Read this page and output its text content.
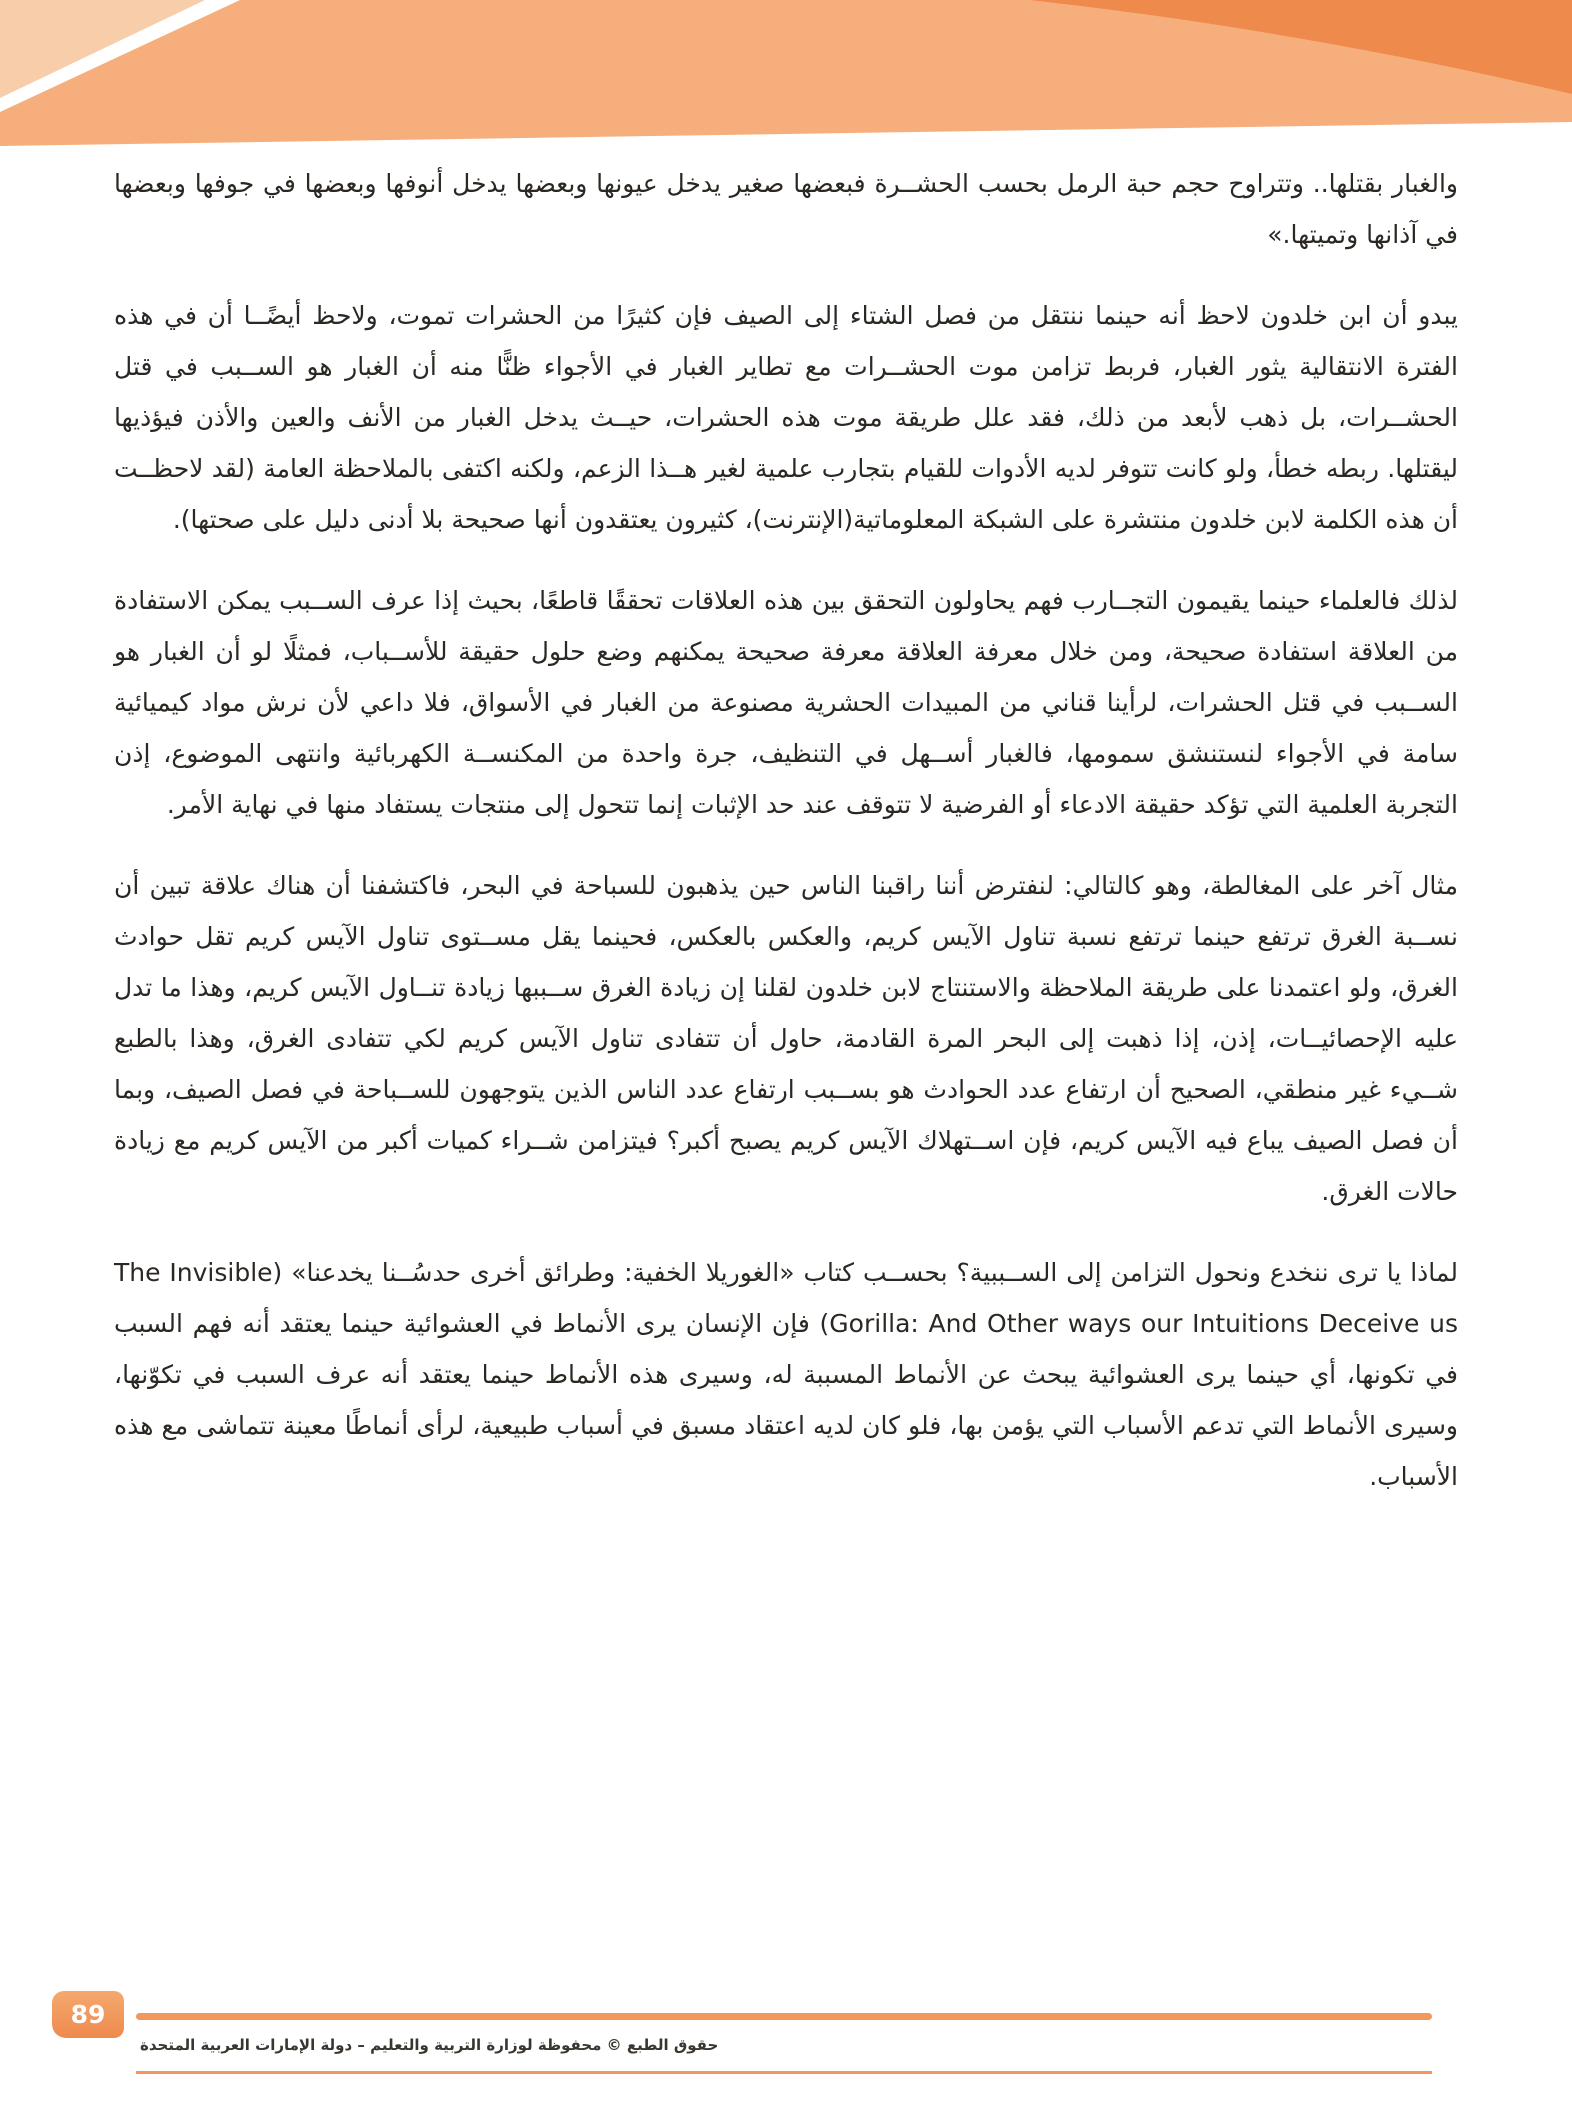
والغبار بقتلها.. وتتراوح حجم حبة الرمل بحسب الحشــرة فبعضها صغير يدخل عيونها وبعضها يدخل أنوفها وبعضها في جوفها وبعضها في آذانها وتميتها.»

يبدو أن ابن خلدون لاحظ أنه حينما ننتقل من فصل الشتاء إلى الصيف فإن كثيرًا من الحشرات تموت، ولاحظ أيضًــا أن في هذه الفترة الانتقالية يثور الغبار، فربط تزامن موت الحشــرات مع تطاير الغبار في الأجواء ظنًّا منه أن الغبار هو الســبب في قتل الحشــرات، بل ذهب لأبعد من ذلك، فقد علل طريقة موت هذه الحشرات، حيــث يدخل الغبار من الأنف والعين والأذن فيؤذيها ليقتلها. ربطه خطأ، ولو كانت تتوفر لديه الأدوات للقيام بتجارب علمية لغير هــذا الزعم، ولكنه اكتفى بالملاحظة العامة (لقد لاحظــت أن هذه الكلمة لابن خلدون منتشرة على الشبكة المعلوماتية(الإنترنت)، كثيرون يعتقدون أنها صحيحة بلا أدنى دليل على صحتها).

لذلك فالعلماء حينما يقيمون التجــارب فهم يحاولون التحقق بين هذه العلاقات تحققًا قاطعًا، بحيث إذا عرف الســبب يمكن الاستفادة من العلاقة استفادة صحيحة، ومن خلال معرفة العلاقة معرفة صحيحة يمكنهم وضع حلول حقيقة للأســباب، فمثلًا لو أن الغبار هو الســبب في قتل الحشرات، لرأينا قناني من المبيدات الحشرية مصنوعة من الغبار في الأسواق، فلا داعي لأن نرش مواد كيميائية سامة في الأجواء لنستنشق سمومها، فالغبار أســهل في التنظيف، جرة واحدة من المكنســة الكهربائية وانتهى الموضوع، إذن التجربة العلمية التي تؤكد حقيقة الادعاء أو الفرضية لا تتوقف عند حد الإثبات إنما تتحول إلى منتجات يستفاد منها في نهاية الأمر.

مثال آخر على المغالطة، وهو كالتالي: لنفترض أننا راقبنا الناس حين يذهبون للسباحة في البحر، فاكتشفنا أن هناك علاقة تبين أن نســبة الغرق ترتفع حينما ترتفع نسبة تناول الآيس كريم، والعكس بالعكس، فحينما يقل مســتوى تناول الآيس كريم تقل حوادث الغرق، ولو اعتمدنا على طريقة الملاحظة والاستنتاج لابن خلدون لقلنا إن زيادة الغرق ســببها زيادة تنــاول الآيس كريم، وهذا ما تدل عليه الإحصائيــات، إذن، إذا ذهبت إلى البحر المرة القادمة، حاول أن تتفادى تناول الآيس كريم لكي تتفادى الغرق، وهذا بالطبع شــيء غير منطقي، الصحيح أن ارتفاع عدد الحوادث هو بســبب ارتفاع عدد الناس الذين يتوجهون للســباحة في فصل الصيف، وبما أن فصل الصيف يباع فيه الآيس كريم، فإن اســتهلاك الآيس كريم يصبح أكبر؟ فيتزامن شــراء كميات أكبر من الآيس كريم مع زيادة حالات الغرق.

لماذا يا ترى ننخدع ونحول التزامن إلى الســببية؟ بحســب كتاب «الغوريلا الخفية: وطرائق أخرى حدسُــنا يخدعنا» (The Invisible Gorilla: And Other ways our Intuitions Deceive us) فإن الإنسان يرى الأنماط في العشوائية حينما يعتقد أنه فهم السبب في تكونها، أي حينما يرى العشوائية يبحث عن الأنماط المسببة له، وسيرى هذه الأنماط حينما يعتقد أنه عرف السبب في تكوّنها، وسيرى الأنماط التي تدعم الأسباب التي يؤمن بها، فلو كان لديه اعتقاد مسبق في أسباب طبيعية، لرأى أنماطًا معينة تتماشى مع هذه الأسباب.

89
حقوق الطبع © محفوظة لوزارة التربية والتعليم – دولة الإمارات العربية المتحدة
